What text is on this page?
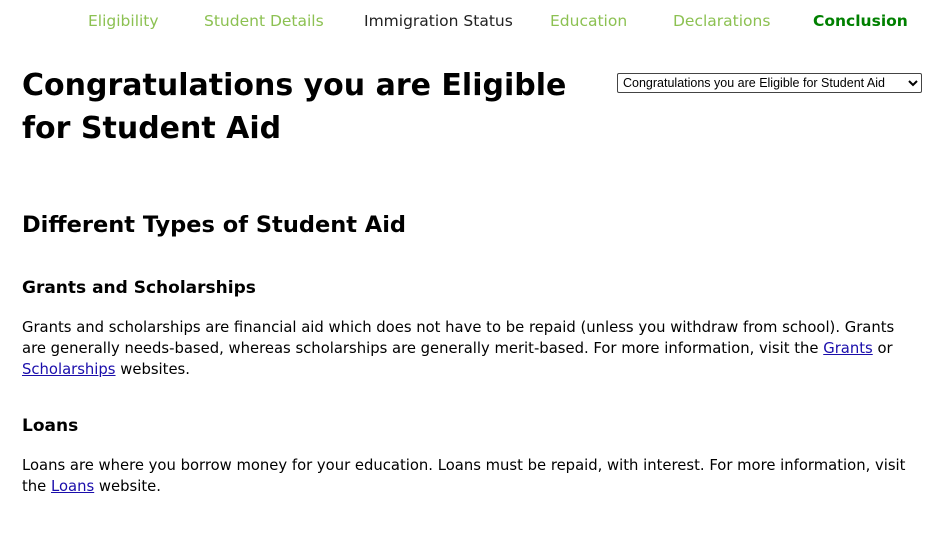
Eligibility	Student Details	Immigration Status Education	Declarations	Conclusion
Congratulations you are Eligible for Student Aid
Congratulations you are Eligible for Student Aid
Different Types of Student Aid
Grants and Scholarships

Grants and scholarships are financial aid which does not have to be repaid (unless you withdraw from school). Grants are generally needs-based, whereas scholarships are generally merit-based. For more information, visit the Grants or Scholarships websites.

Loans

Loans are where you borrow money for your education. Loans must be repaid, with interest. For more information, visit the Loans website.
